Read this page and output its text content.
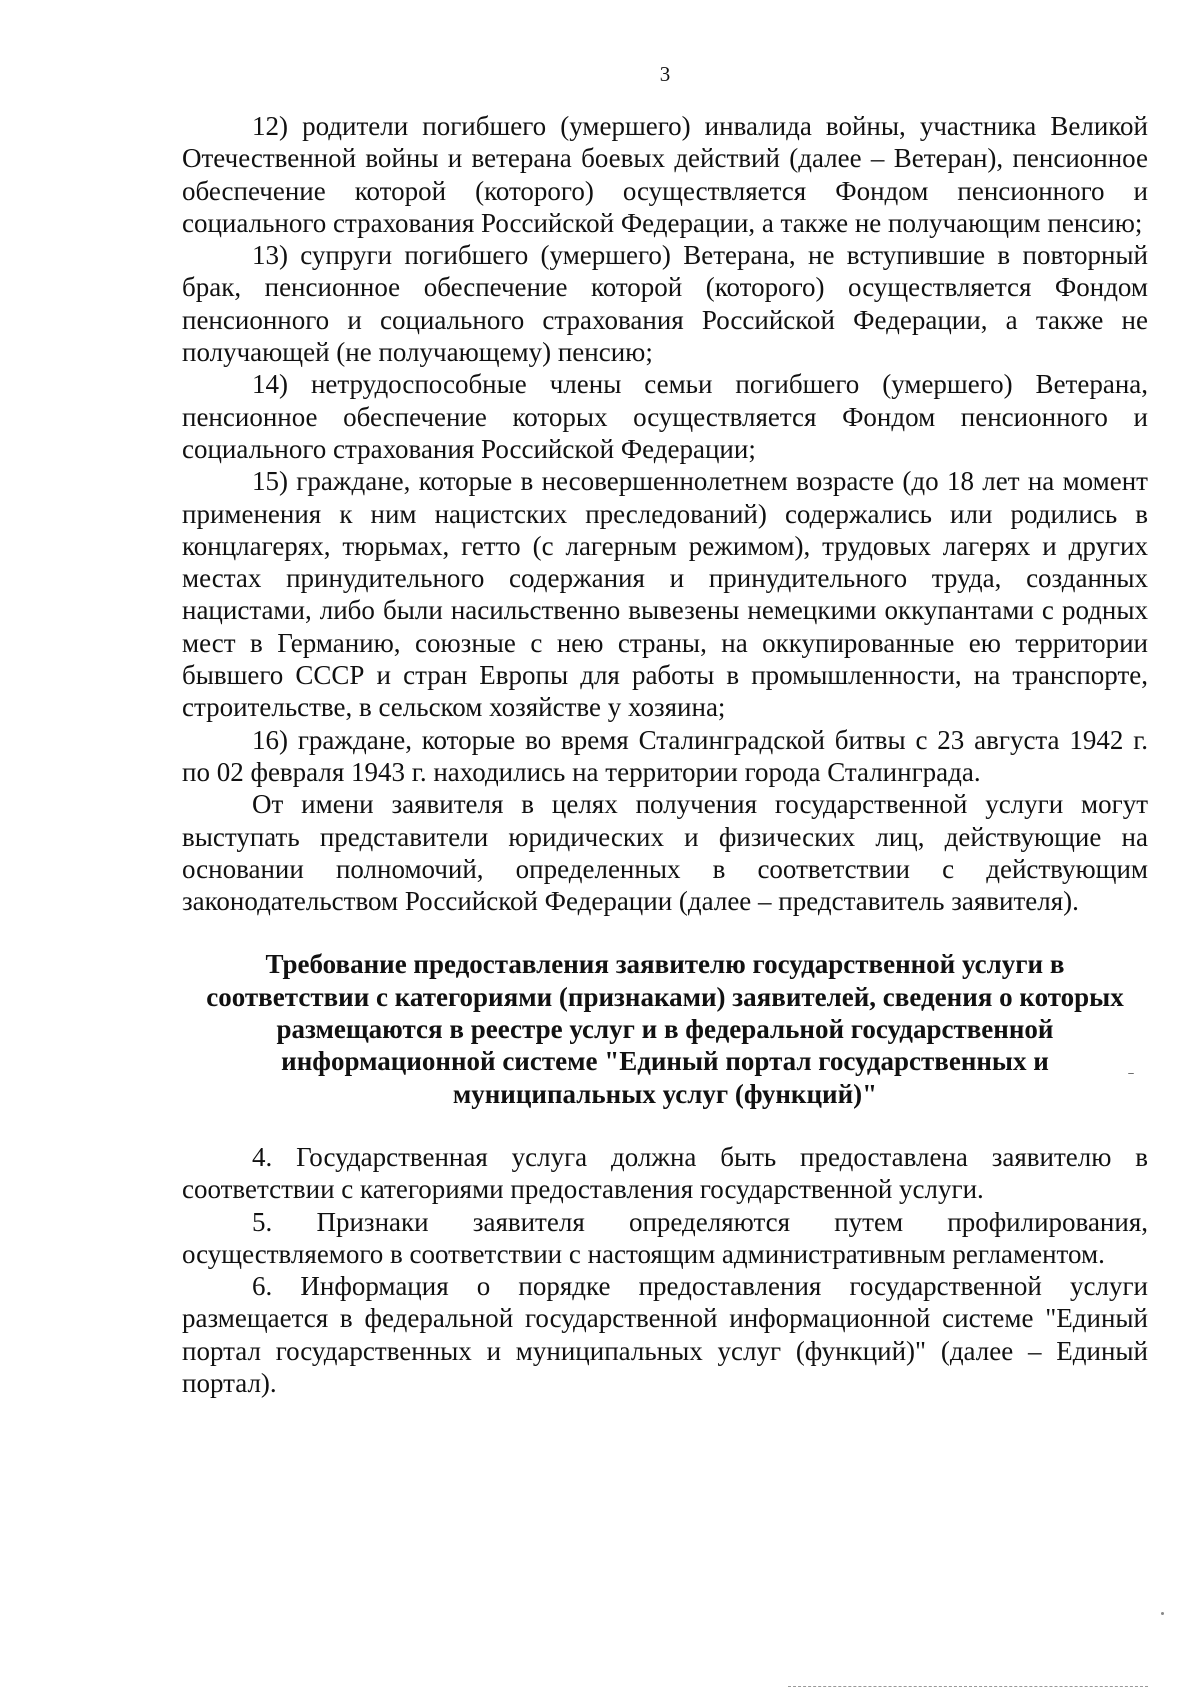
3

12) родители погибшего (умершего) инвалида войны, участника Великой Отечественной войны и ветерана боевых действий (далее – Ветеран), пенсионное обеспечение которой (которого) осуществляется Фондом пенсионного и социального страхования Российской Федерации, а также не получающим пенсию;

13) супруги погибшего (умершего) Ветерана, не вступившие в повторный брак, пенсионное обеспечение которой (которого) осуществляется Фондом пенсионного и социального страхования Российской Федерации, а также не получающей (не получающему) пенсию;

14) нетрудоспособные члены семьи погибшего (умершего) Ветерана, пенсионное обеспечение которых осуществляется Фондом пенсионного и социального страхования Российской Федерации;

15) граждане, которые в несовершеннолетнем возрасте (до 18 лет на момент применения к ним нацистских преследований) содержались или родились в концлагерях, тюрьмах, гетто (с лагерным режимом), трудовых лагерях и других местах принудительного содержания и принудительного труда, созданных нацистами, либо были насильственно вывезены немецкими оккупантами с родных мест в Германию, союзные с нею страны, на оккупированные ею территории бывшего СССР и стран Европы для работы в промышленности, на транспорте, строительстве, в сельском хозяйстве у хозяина;

16) граждане, которые во время Сталинградской битвы с 23 августа 1942 г. по 02 февраля 1943 г. находились на территории города Сталинграда.

От имени заявителя в целях получения государственной услуги могут выступать представители юридических и физических лиц, действующие на основании полномочий, определенных в соответствии с действующим законодательством Российской Федерации (далее – представитель заявителя).

Требование предоставления заявителю государственной услуги в соответствии с категориями (признаками) заявителей, сведения о которых размещаются в реестре услуг и в федеральной государственной информационной системе "Единый портал государственных и муниципальных услуг (функций)"

4. Государственная услуга должна быть предоставлена заявителю в соответствии с категориями предоставления государственной услуги.

5. Признаки заявителя определяются путем профилирования, осуществляемого в соответствии с настоящим административным регламентом.

6. Информация о порядке предоставления государственной услуги размещается в федеральной государственной информационной системе "Единый портал государственных и муниципальных услуг (функций)" (далее – Единый портал).

ˉ
